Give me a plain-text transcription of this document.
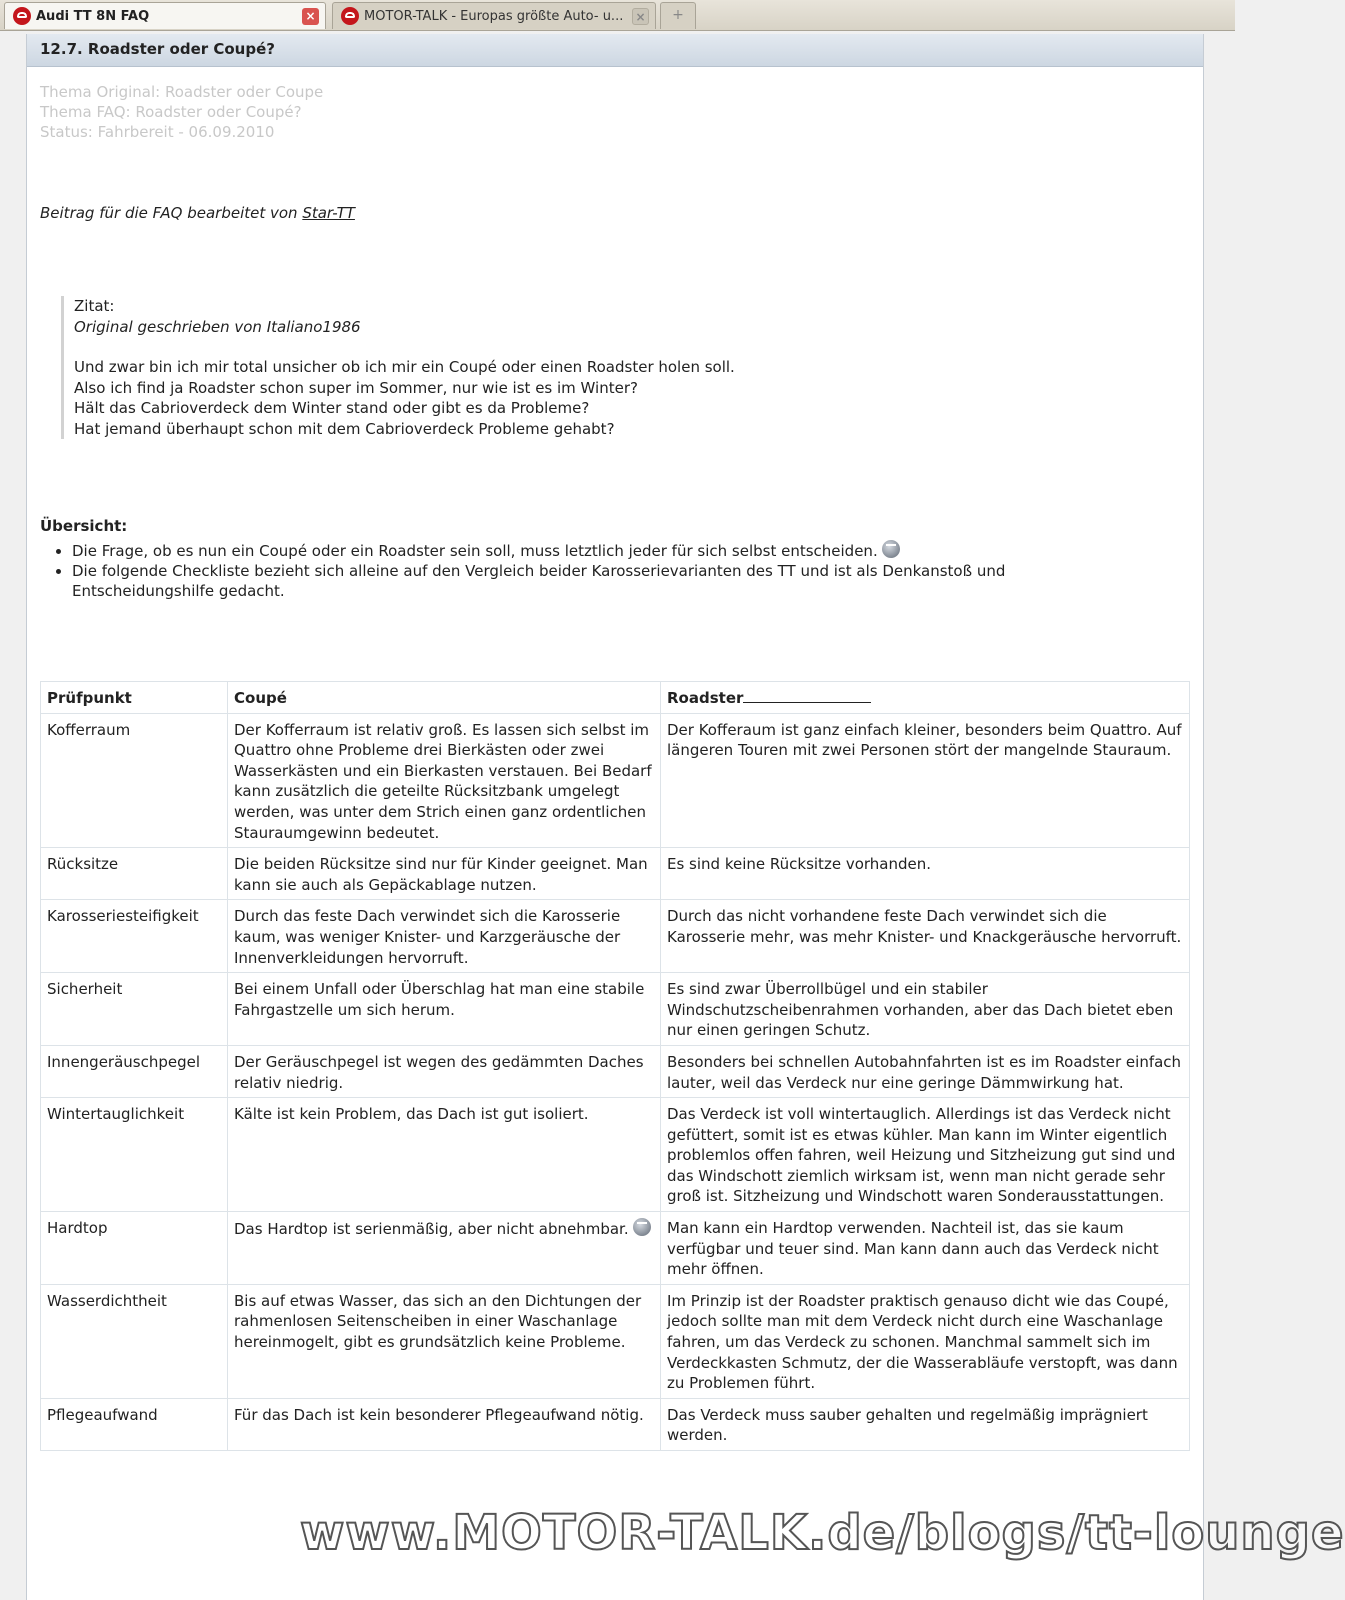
Audi TT 8N FAQ	×	MOTOR-TALK - Europas größte Auto- u... ×	+
12.7. Roadster oder Coupé?
Thema Original: Roadster oder Coupe
Thema FAQ: Roadster oder Coupé?
Status: Fahrbereit - 06.09.2010
Beitrag für die FAQ bearbeitet von Star-TT
Zitat:
Original geschrieben von Italiano1986
Und zwar bin ich mir total unsicher ob ich mir ein Coupé oder einen Roadster holen soll.
Also ich find ja Roadster schon super im Sommer, nur wie ist es im Winter?
Hält das Cabrioverdeck dem Winter stand oder gibt es da Probleme?
Hat jemand überhaupt schon mit dem Cabrioverdeck Probleme gehabt?
Übersicht:
• Die Frage, ob es nun ein Coupé oder ein Roadster sein soll, muss letztlich jeder für sich selbst entscheiden.
• Die folgende Checkliste bezieht sich alleine auf den Vergleich beider Karosserievarianten des TT und ist als Denkanstoß und Entscheidungshilfe gedacht.
Prüfpunkt	Coupé	Roadster
Kofferraum	Der Kofferraum ist relativ groß. Es lassen sich selbst im Quattro ohne Probleme drei Bierkästen oder zwei Wasserkästen und ein Bierkasten verstauen. Bei Bedarf kann zusätzlich die geteilte Rücksitzbank umgelegt werden, was unter dem Strich einen ganz ordentlichen Stauraumgewinn bedeutet.	Der Kofferaum ist ganz einfach kleiner, besonders beim Quattro. Auf längeren Touren mit zwei Personen stört der mangelnde Stauraum.
Rücksitze	Die beiden Rücksitze sind nur für Kinder geeignet. Man kann sie auch als Gepäckablage nutzen.	Es sind keine Rücksitze vorhanden.
Karosseriesteifigkeit	Durch das feste Dach verwindet sich die Karosserie kaum, was weniger Knister- und Karzgeräusche der Innenverkleidungen hervorruft.	Durch das nicht vorhandene feste Dach verwindet sich die Karosserie mehr, was mehr Knister- und Knackgeräusche hervorruft.
Sicherheit	Bei einem Unfall oder Überschlag hat man eine stabile Fahrgastzelle um sich herum.	Es sind zwar Überrollbügel und ein stabiler Windschutzscheibenrahmen vorhanden, aber das Dach bietet eben nur einen geringen Schutz.
Innengeräuschpegel	Der Geräuschpegel ist wegen des gedämmten Daches relativ niedrig.	Besonders bei schnellen Autobahnfahrten ist es im Roadster einfach lauter, weil das Verdeck nur eine geringe Dämmwirkung hat.
Wintertauglichkeit	Kälte ist kein Problem, das Dach ist gut isoliert.	Das Verdeck ist voll wintertauglich. Allerdings ist das Verdeck nicht gefüttert, somit ist es etwas kühler. Man kann im Winter eigentlich problemlos offen fahren, weil Heizung und Sitzheizung gut sind und das Windschott ziemlich wirksam ist, wenn man nicht gerade sehr groß ist. Sitzheizung und Windschott waren Sonderausstattungen.
Hardtop	Das Hardtop ist serienmäßig, aber nicht abnehmbar.	Man kann ein Hardtop verwenden. Nachteil ist, das sie kaum verfügbar und teuer sind. Man kann dann auch das Verdeck nicht mehr öffnen.
Wasserdichtheit	Bis auf etwas Wasser, das sich an den Dichtungen der rahmenlosen Seitenscheiben in einer Waschanlage hereinmogelt, gibt es grundsätzlich keine Probleme.	Im Prinzip ist der Roadster praktisch genauso dicht wie das Coupé, jedoch sollte man mit dem Verdeck nicht durch eine Waschanlage fahren, um das Verdeck zu schonen. Manchmal sammelt sich im Verdeckkasten Schmutz, der die Wasserabläufe verstopft, was dann zu Problemen führt.
Pflegeaufwand	Für das Dach ist kein besonderer Pflegeaufwand nötig.	Das Verdeck muss sauber gehalten und regelmäßig imprägniert werden.
www.MOTOR-TALK.de/blogs/tt-lounge
